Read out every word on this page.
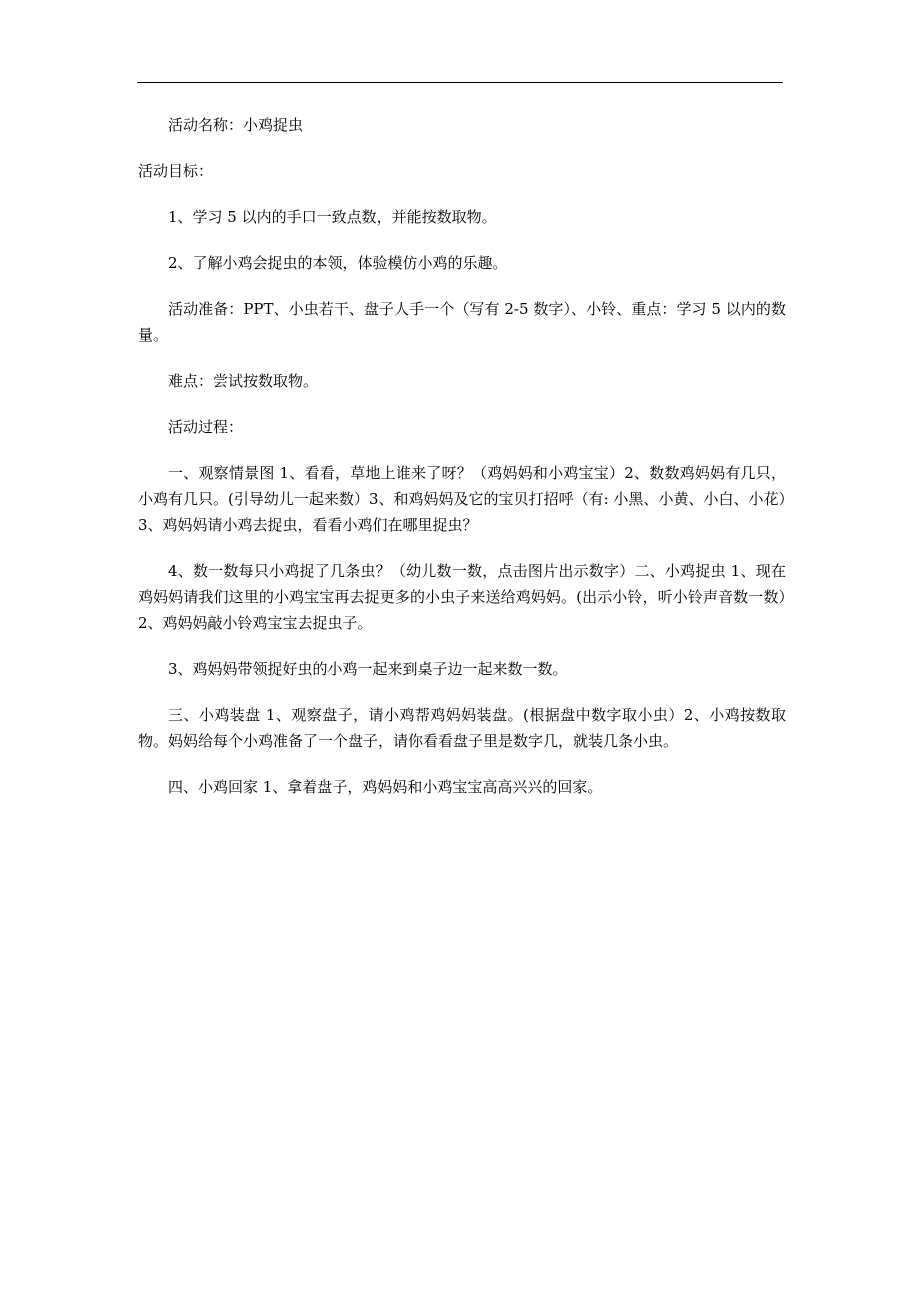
活动名称：小鸡捉虫

活动目标：

1、学习 5 以内的手口一致点数，并能按数取物。

2、了解小鸡会捉虫的本领，体验模仿小鸡的乐趣。

活动准备：PPT、小虫若干、盘子人手一个（写有 2-5 数字）、小铃、重点：学习 5 以内的数量。

难点：尝试按数取物。

活动过程：

一、观察情景图 1、看看，草地上谁来了呀？（鸡妈妈和小鸡宝宝）2、数数鸡妈妈有几只，小鸡有几只。(引导幼儿一起来数）3、和鸡妈妈及它的宝贝打招呼（有: 小黑、小黄、小白、小花）3、鸡妈妈请小鸡去捉虫，看看小鸡们在哪里捉虫？

4、数一数每只小鸡捉了几条虫？（幼儿数一数，点击图片出示数字）二、小鸡捉虫 1、现在鸡妈妈请我们这里的小鸡宝宝再去捉更多的小虫子来送给鸡妈妈。(出示小铃，听小铃声音数一数）2、鸡妈妈敲小铃鸡宝宝去捉虫子。

3、鸡妈妈带领捉好虫的小鸡一起来到桌子边一起来数一数。

三、小鸡装盘 1、观察盘子，请小鸡帮鸡妈妈装盘。(根据盘中数字取小虫）2、小鸡按数取物。妈妈给每个小鸡准备了一个盘子，请你看看盘子里是数字几，就装几条小虫。

四、小鸡回家 1、拿着盘子，鸡妈妈和小鸡宝宝高高兴兴的回家。
